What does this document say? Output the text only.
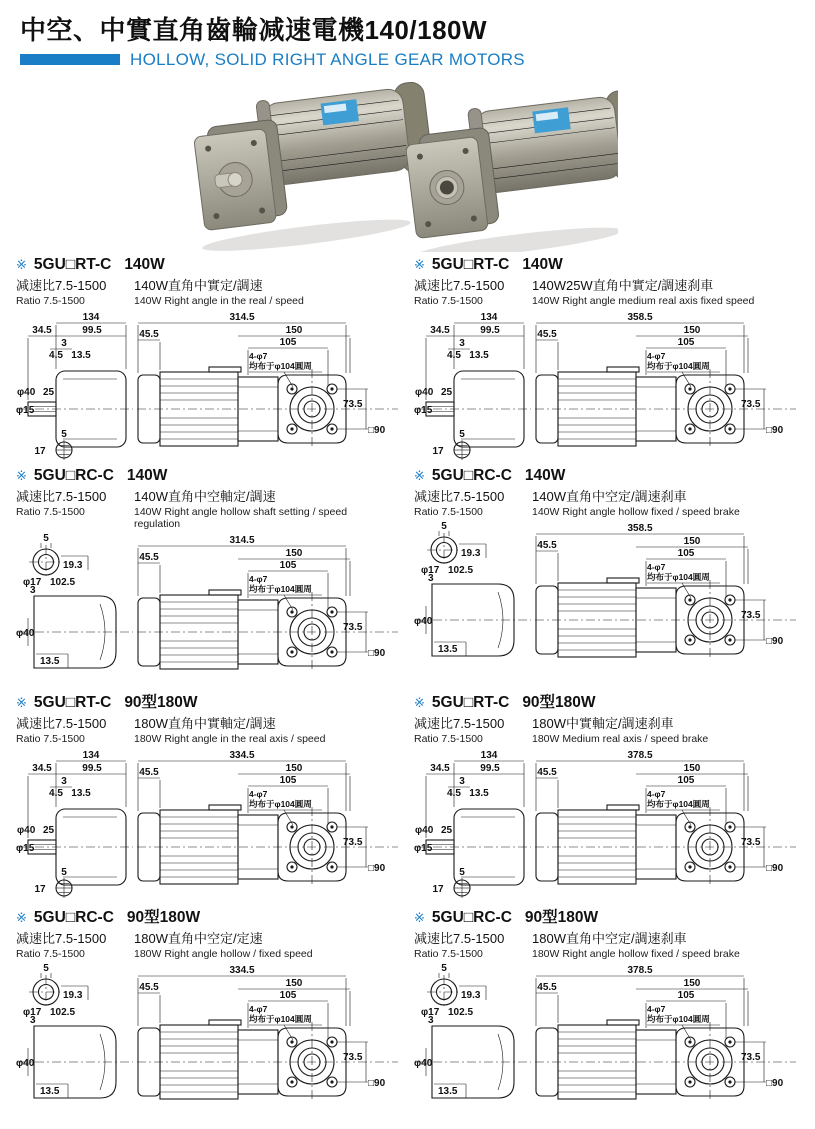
中空、中實直角齒輪减速電機140/180W
HOLLOW, SOLID RIGHT ANGLE GEAR MOTORS
※ 5GU□RT-C 140W
减速比7.5-1500	140W直角中實定/調速
Ratio 7.5-1500	140W Right angle in the real / speed
134
34.5	99.5
3
4.5 13.5
φ40 25
φ15
5
17
314.5
45.5	150
105
4-φ7
均布于φ104圓周
73.5
□90
※ 5GU□RT-C 140W
减速比7.5-1500	140W25W直角中實定/調速刹車
Ratio 7.5-1500	140W Right angle medium real axis fixed speed
134
34.5	99.5
3
4.5 13.5
φ40 25
φ15
5
17
358.5
45.5	150
105
4-φ7
均布于φ104圓周
73.5
□90
※ 5GU□RC-C 140W
减速比7.5-1500	140W直角中空軸定/調速
Ratio 7.5-1500	140W Right angle hollow shaft setting / speed regulation
5
19.3
φ17 102.5
3
φ40
13.5
314.5
45.5	150
105
4-φ7
均布于φ104圓周
73.5
□90
※ 5GU□RC-C 140W
减速比7.5-1500	140W直角中空定/調速刹車
Ratio 7.5-1500	140W Right angle hollow fixed / speed brake
5
19.3
φ17 102.5
3
φ40
13.5
358.5
45.5	150
105
4-φ7
均布于φ104圓周
73.5
□90
※ 5GU□RT-C 90型180W
减速比7.5-1500	180W直角中實軸定/調速
Ratio 7.5-1500	180W Right angle in the real axis / speed
134
34.5	99.5
3
4.5 13.5
φ40 25
φ15
5
17
334.5
45.5	150
105
4-φ7
均布于φ104圓周
73.5
□90
※ 5GU□RT-C 90型180W
减速比7.5-1500	180W中實軸定/調速刹車
Ratio 7.5-1500	180W Medium real axis / speed brake
134
34.5	99.5
3
4.5 13.5
φ40 25
φ15
5
17
378.5
45.5	150
105
4-φ7
均布于φ104圓周
73.5
□90
※ 5GU□RC-C 90型180W
减速比7.5-1500	180W直角中空定/定速
Ratio 7.5-1500	180W Right angle hollow / fixed speed
5
19.3
φ17 102.5
3
φ40
13.5
334.5
45.5	150
105
4-φ7
均布于φ104圓周
73.5
□90
※ 5GU□RC-C 90型180W
减速比7.5-1500	180W直角中空定/調速刹車
Ratio 7.5-1500	180W Right angle hollow fixed / speed brake
5
19.3
φ17 102.5
3
φ40
13.5
378.5
45.5	150
105
4-φ7
均布于φ104圓周
73.5
□90
